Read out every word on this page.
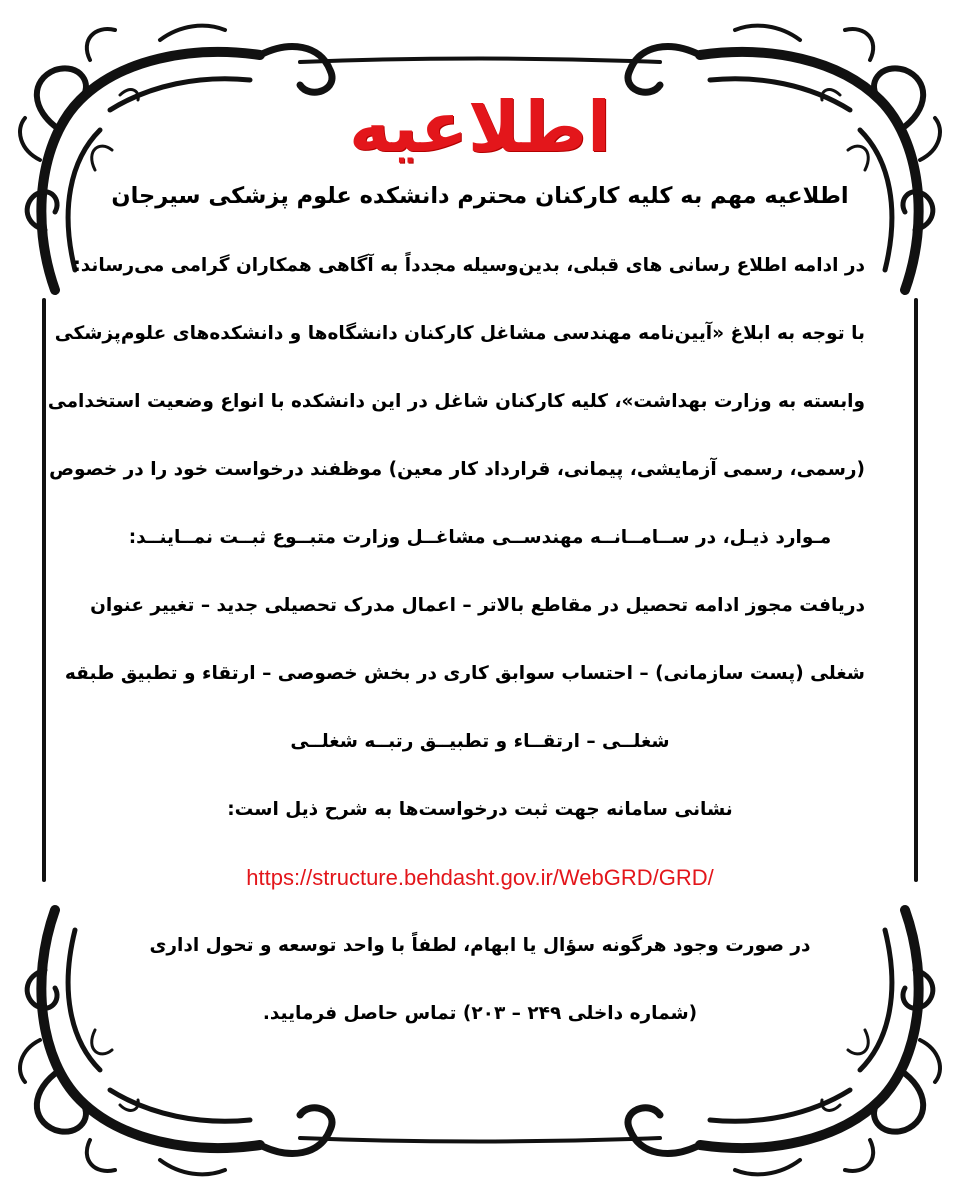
اطلاعیه
اطلاعیه مهم به کلیه کارکنان محترم دانشکده علوم پزشکی سیرجان
در ادامه اطلاع رسانی های قبلی، بدین‌وسیله مجدداً به آگاهی همکاران گرامی می‌رساند:
با توجه به ابلاغ «آیین‌نامه مهندسی مشاغل کارکنان دانشگاه‌ها و دانشکده‌های علوم‌پزشکی
وابسته به وزارت بهداشت»، کلیه کارکنان شاغل در این دانشکده با انواع وضعیت استخدامی
(رسمی، رسمی آزمایشی، پیمانی، قرارداد کار معین) موظفند درخواست خود را در خصوص
مـوارد ذیـل، در ســامــانــه مهندســی مشاغــل وزارت متبــوع ثبــت نمــاینــد:
دریافت مجوز ادامه تحصیل در مقاطع بالاتر – اعمال مدرک تحصیلی جدید – تغییر عنوان
شغلی (پست سازمانی) – احتساب سوابق کاری در بخش خصوصی – ارتقاء و تطبیق طبقه
شغلــی – ارتقــاء و تطبیــق رتبــه شغلــی
نشانی سامانه جهت ثبت درخواست‌ها به شرح ذیل است:
https://structure.behdasht.gov.ir/WebGRD/GRD/
در صورت وجود هرگونه سؤال یا ابهام، لطفاً با واحد توسعه و تحول اداری
(شماره داخلی ۲۴۹ – ۲۰۳) تماس حاصل فرمایید.
